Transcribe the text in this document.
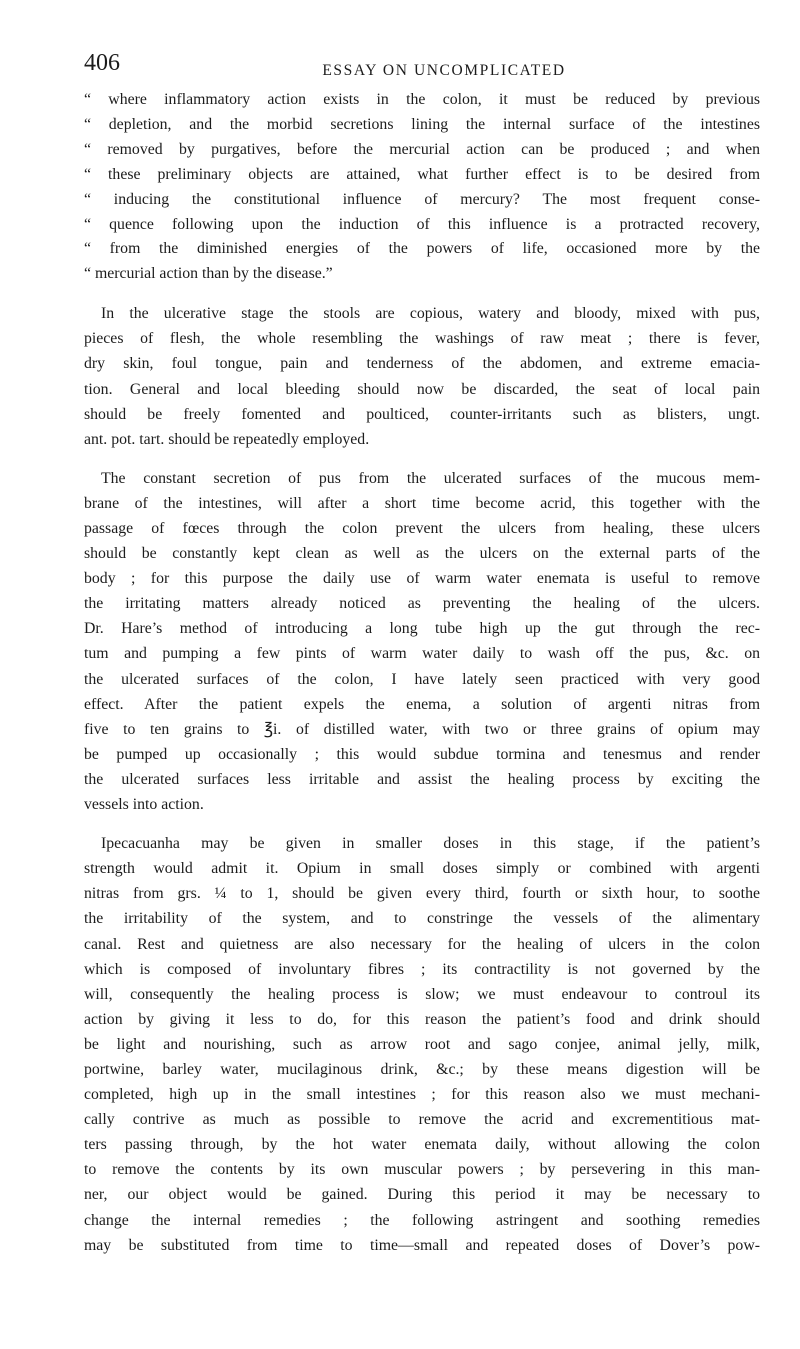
406	ESSAY ON UNCOMPLICATED
“ where inflammatory action exists in the colon, it must be reduced by previous
“ depletion, and the morbid secretions lining the internal surface of the intestines
“ removed by purgatives, before the mercurial action can be produced ; and when
“ these preliminary objects are attained, what further effect is to be desired from
“ inducing the constitutional influence of mercury? The most frequent conse-
“ quence following upon the induction of this influence is a protracted recovery,
“ from the diminished energies of the powers of life, occasioned more by the
“ mercurial action than by the disease.”

In the ulcerative stage the stools are copious, watery and bloody, mixed with pus,
pieces of flesh, the whole resembling the washings of raw meat ; there is fever,
dry skin, foul tongue, pain and tenderness of the abdomen, and extreme emacia-
tion. General and local bleeding should now be discarded, the seat of local pain
should be freely fomented and poulticed, counter-irritants such as blisters, ungt.
ant. pot. tart. should be repeatedly employed.

The constant secretion of pus from the ulcerated surfaces of the mucous mem-
brane of the intestines, will after a short time become acrid, this together with the
passage of fœces through the colon prevent the ulcers from healing, these ulcers
should be constantly kept clean as well as the ulcers on the external parts of the
body ; for this purpose the daily use of warm water enemata is useful to remove
the irritating matters already noticed as preventing the healing of the ulcers.
Dr. Hare’s method of introducing a long tube high up the gut through the rec-
tum and pumping a few pints of warm water daily to wash off the pus, &c. on
the ulcerated surfaces of the colon, I have lately seen practiced with very good
effect. After the patient expels the enema, a solution of argenti nitras from
five to ten grains to ℥i. of distilled water, with two or three grains of opium may
be pumped up occasionally ; this would subdue tormina and tenesmus and render
the ulcerated surfaces less irritable and assist the healing process by exciting the
vessels into action.

Ipecacuanha may be given in smaller doses in this stage, if the patient’s
strength would admit it. Opium in small doses simply or combined with argenti
nitras from grs. ¼ to 1, should be given every third, fourth or sixth hour, to soothe
the irritability of the system, and to constringe the vessels of the alimentary
canal. Rest and quietness are also necessary for the healing of ulcers in the colon
which is composed of involuntary fibres ; its contractility is not governed by the
will, consequently the healing process is slow; we must endeavour to controul its
action by giving it less to do, for this reason the patient’s food and drink should
be light and nourishing, such as arrow root and sago conjee, animal jelly, milk,
portwine, barley water, mucilaginous drink, &c.; by these means digestion will be
completed, high up in the small intestines ; for this reason also we must mechani-
cally contrive as much as possible to remove the acrid and excrementitious mat-
ters passing through, by the hot water enemata daily, without allowing the colon
to remove the contents by its own muscular powers ; by persevering in this man-
ner, our object would be gained. During this period it may be necessary to
change the internal remedies ; the following astringent and soothing remedies
may be substituted from time to time—small and repeated doses of Dover’s pow-
